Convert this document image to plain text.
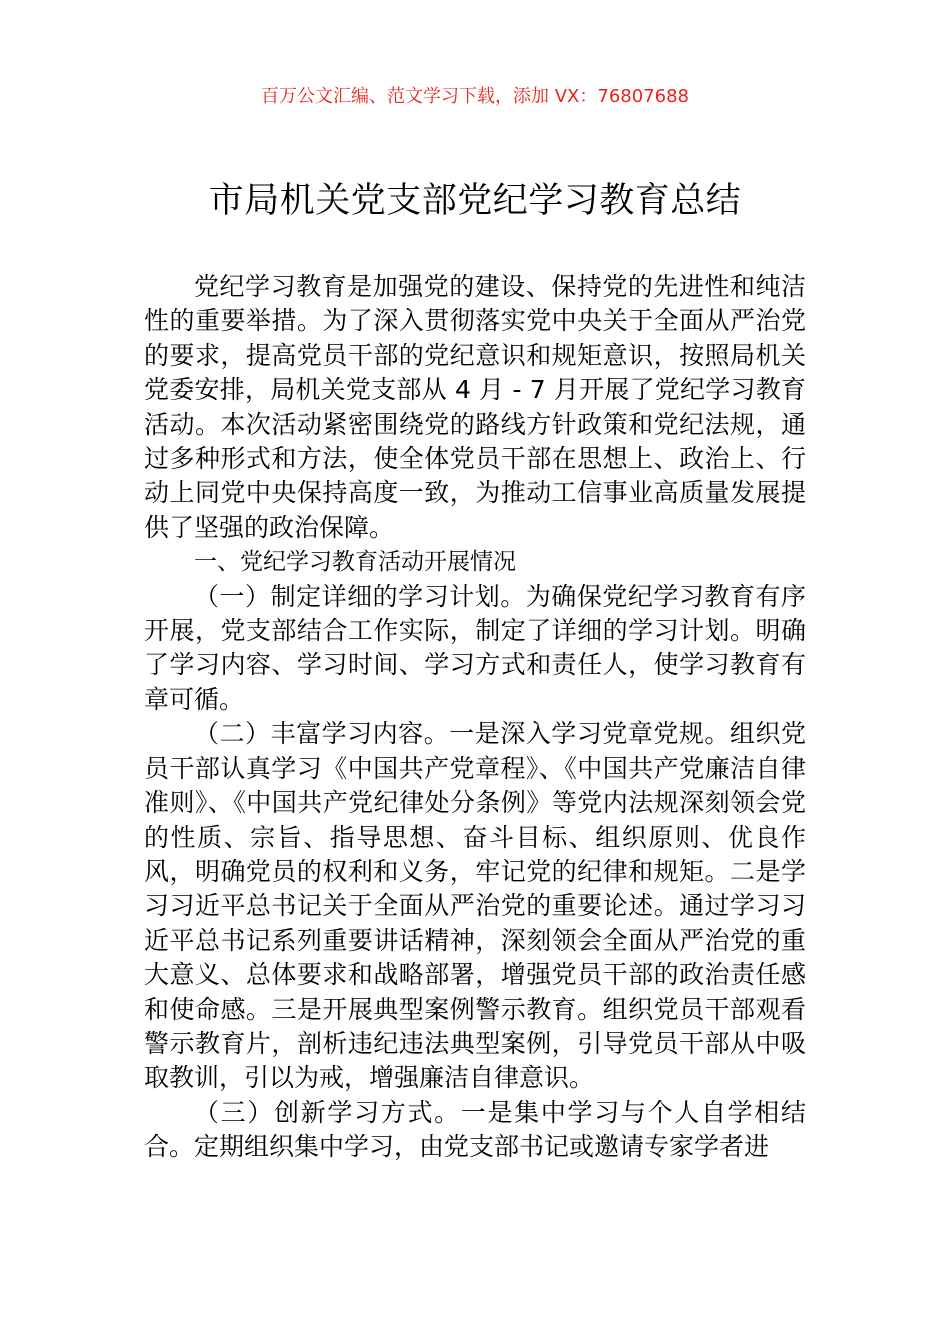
百万公文汇编、范文学习下载，添加 VX：76807688
市局机关党支部党纪学习教育总结

党纪学习教育是加强党的建设、保持党的先进性和纯洁性的重要举措。为了深入贯彻落实党中央关于全面从严治党的要求，提高党员干部的党纪意识和规矩意识，按照局机关党委安排，局机关党支部从 4 月 - 7 月开展了党纪学习教育活动。本次活动紧密围绕党的路线方针政策和党纪法规，通过多种形式和方法，使全体党员干部在思想上、政治上、行动上同党中央保持高度一致，为推动工信事业高质量发展提供了坚强的政治保障。

一、党纪学习教育活动开展情况

（一）制定详细的学习计划。为确保党纪学习教育有序开展，党支部结合工作实际，制定了详细的学习计划。明确了学习内容、学习时间、学习方式和责任人，使学习教育有章可循。

（二）丰富学习内容。一是深入学习党章党规。组织党员干部认真学习《中国共产党章程》、《中国共产党廉洁自律准则》、《中国共产党纪律处分条例》等党内法规深刻领会党的性质、宗旨、指导思想、奋斗目标、组织原则、优良作风，明确党员的权利和义务，牢记党的纪律和规矩。二是学习习近平总书记关于全面从严治党的重要论述。通过学习习近平总书记系列重要讲话精神，深刻领会全面从严治党的重大意义、总体要求和战略部署，增强党员干部的政治责任感和使命感。三是开展典型案例警示教育。组织党员干部观看警示教育片，剖析违纪违法典型案例，引导党员干部从中吸取教训，引以为戒，增强廉洁自律意识。

（三）创新学习方式。一是集中学习与个人自学相结合。定期组织集中学习，由党支部书记或邀请专家学者进
